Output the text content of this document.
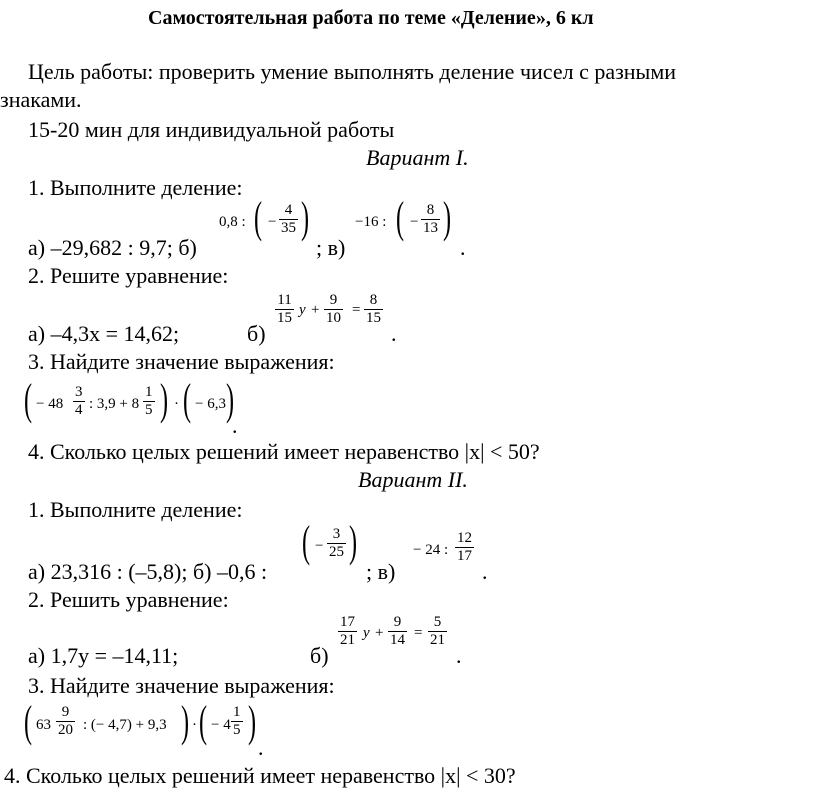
Самостоятельная работа по теме «Деление», 6 кл
Цель работы: проверить умение выполнять деление чисел с разными
знаками.
15-20 мин для индивидуальной работы
Вариант I.
1. Выполните деление:
а) –29,682 : 9,7; б)
0,8 : ( −
4
35 )
; в)
−16 : ( −
8
13 )
.
2. Решите уравнение:
а) –4,3x = 14,62;	б)
11
15 y +
9
10 =
8
15
.
3. Найдите значение выражения:
( − 48
3
4 : 3,9 + 8
1
5 ) · ( − 6,3 )
.
4. Сколько целых решений имеет неравенство |x| < 50?
Вариант II.
1. Выполните деление:
а) 23,316 : (–5,8); б) –0,6 :
( −
3
25 )
; в)
− 24 :
12
17
.
2. Решить уравнение:
а) 1,7y = –14,11;	б)
17
21 y +
9
14 =
5
21
.
3. Найдите значение выражения:
( 63
9
20 : (− 4,7) + 9,3 ) · ( − 4
1
5 )
.
4. Сколько целых решений имеет неравенство |x| < 30?
